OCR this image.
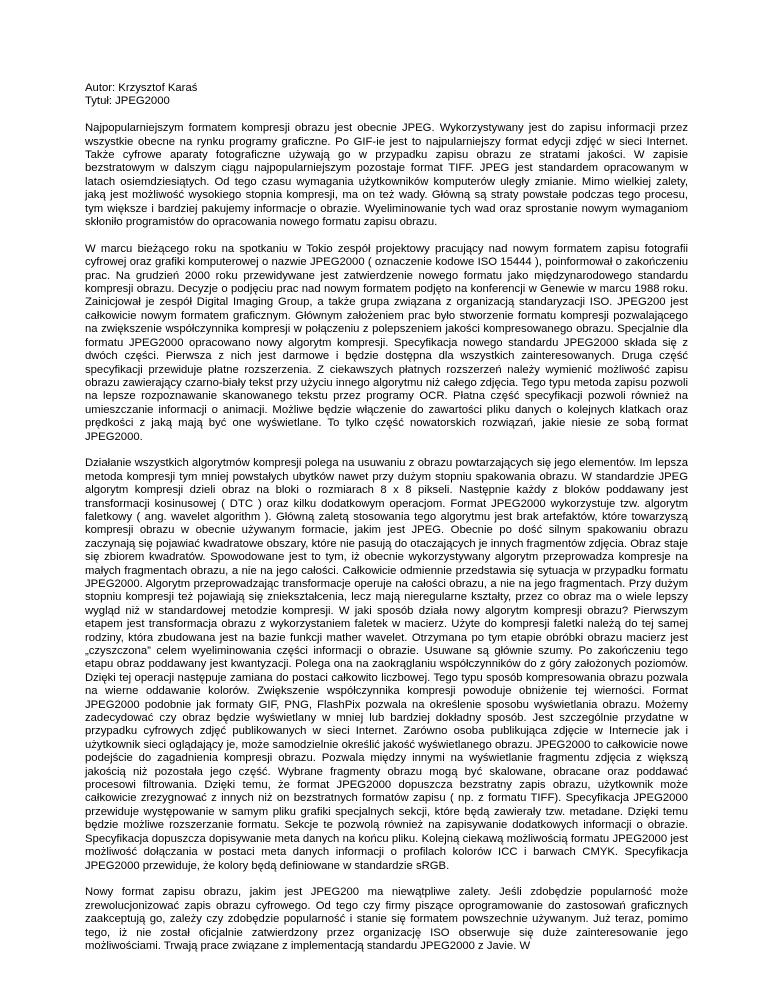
Autor: Krzysztof Karaś

Tytuł: JPEG2000

Najpopularniejszym formatem kompresji obrazu jest obecnie JPEG. Wykorzystywany jest do zapisu informacji przez wszystkie obecne na rynku programy graficzne. Po GIF-ie jest to najpularniejszy format edycji zdjęć w sieci Internet. Także cyfrowe aparaty fotograficzne używają go w przypadku zapisu obrazu ze stratami jakości. W zapisie bezstratowym w dalszym ciągu najpopularniejszym pozostaje format TIFF. JPEG jest standardem opracowanym w latach osiemdziesiątych. Od tego czasu wymagania użytkowników komputerów uległy zmianie. Mimo wielkiej zalety, jaką jest możliwość wysokiego stopnia kompresji, ma on też wady. Główną są straty powstałe podczas tego procesu, tym większe i bardziej pakujemy informacje o obrazie. Wyeliminowanie tych wad oraz sprostanie nowym wymaganiom skłoniło programistów do opracowania nowego formatu zapisu obrazu.

W marcu bieżącego roku na spotkaniu w Tokio zespół projektowy pracujący nad nowym formatem zapisu fotografii cyfrowej oraz grafiki komputerowej o nazwie JPEG2000 ( oznaczenie kodowe ISO 15444 ), poinformował o zakończeniu prac. Na grudzień 2000 roku przewidywane jest zatwierdzenie nowego formatu jako międzynarodowego standardu kompresji obrazu. Decyzje o podjęciu prac nad nowym formatem podjęto na konferencji w Genewie w marcu 1988 roku. Zainicjował je zespół Digital Imaging Group, a także grupa związana z organizacją standaryzacji ISO. JPEG200 jest całkowicie nowym formatem graficznym. Głównym założeniem prac było stworzenie formatu kompresji pozwalającego na zwiększenie współczynnika kompresji w połączeniu z polepszeniem jakości kompresowanego obrazu. Specjalnie dla formatu JPEG2000 opracowano nowy algorytm kompresji. Specyfikacja nowego standardu JPEG2000 składa się z dwóch części. Pierwsza z nich jest darmowe i będzie dostępna dla wszystkich zainteresowanych. Druga część specyfikacji przewiduje płatne rozszerzenia. Z ciekawszych płatnych rozszerzeń należy wymienić możliwość zapisu obrazu zawierający czarno-biały tekst przy użyciu innego algorytmu niż całego zdjęcia. Tego typu metoda zapisu pozwoli na lepsze rozpoznawanie skanowanego tekstu przez programy OCR. Płatna część specyfikacji pozwoli również na umieszczanie informacji o animacji. Możliwe będzie włączenie do zawartości pliku danych o kolejnych klatkach oraz prędkości z jaką mają być one wyświetlane. To tylko część nowatorskich rozwiązań, jakie niesie ze sobą format JPEG2000.

Działanie wszystkich algorytmów kompresji polega na usuwaniu z obrazu powtarzających się jego elementów. Im lepsza metoda kompresji tym mniej powstałych ubytków nawet przy dużym stopniu spakowania obrazu. W standardzie JPEG algorytm kompresji dzieli obraz na bloki o rozmiarach 8 x 8 pikseli. Następnie każdy z bloków poddawany jest transformacji kosinusowej ( DTC ) oraz kilku dodatkowym operacjom. Format JPEG2000 wykorzystuje tzw. algorytm faletkowy ( ang. wavelet algorithm ). Główną zaletą stosowania tego algorytmu jest brak artefaktów, które towarzyszą kompresji obrazu w obecnie używanym formacie, jakim jest JPEG. Obecnie po dość silnym spakowaniu obrazu zaczynają się pojawiać kwadratowe obszary, które nie pasują do otaczających je innych fragmentów zdjęcia. Obraz staje się zbiorem kwadratów. Spowodowane jest to tym, iż obecnie wykorzystywany algorytm przeprowadza kompresje na małych fragmentach obrazu, a nie na jego całości. Całkowicie odmiennie przedstawia się sytuacja w przypadku formatu JPEG2000. Algorytm przeprowadzając transformacje operuje na całości obrazu, a nie na jego fragmentach. Przy dużym stopniu kompresji też pojawiają się zniekształcenia, lecz mają nieregularne kształty, przez co obraz ma o wiele lepszy wygląd niż w standardowej metodzie kompresji. W jaki sposób działa nowy algorytm kompresji obrazu? Pierwszym etapem jest transformacja obrazu z wykorzystaniem faletek w macierz. Użyte do kompresji faletki należą do tej samej rodziny, która zbudowana jest na bazie funkcji mather wavelet. Otrzymana po tym etapie obróbki obrazu macierz jest „czyszczona” celem wyeliminowania części informacji o obrazie. Usuwane są głównie szumy. Po zakończeniu tego etapu obraz poddawany jest kwantyzacji. Polega ona na zaokrąglaniu współczynników do z góry założonych poziomów. Dzięki tej operacji następuje zamiana do postaci całkowito liczbowej. Tego typu sposób kompresowania obrazu pozwala na wierne oddawanie kolorów. Zwiększenie współczynnika kompresji powoduje obniżenie tej wierności. Format JPEG2000 podobnie jak formaty GIF, PNG, FlashPix pozwala na określenie sposobu wyświetlania obrazu. Możemy zadecydować czy obraz będzie wyświetlany w mniej lub bardziej dokładny sposób. Jest szczególnie przydatne w przypadku cyfrowych zdjęć publikowanych w sieci Internet. Zarówno osoba publikująca zdjęcie w Internecie jak i użytkownik sieci oglądający je, może samodzielnie określić jakość wyświetlanego obrazu. JPEG2000 to całkowicie nowe podejście do zagadnienia kompresji obrazu. Pozwala między innymi na wyświetlanie fragmentu zdjęcia z większą jakością niż pozostała jego część. Wybrane fragmenty obrazu mogą być skalowane, obracane oraz poddawać procesowi filtrowania. Dzięki temu, że format JPEG2000 dopuszcza bezstratny zapis obrazu, użytkownik może całkowicie zrezygnować z innych niż on bezstratnych formatów zapisu ( np. z formatu TIFF). Specyfikacja JPEG2000 przewiduje występowanie w samym pliku grafiki specjalnych sekcji, które będą zawierały tzw. metadane. Dzięki temu będzie możliwe rozszerzanie formatu. Sekcje te pozwolą również na zapisywanie dodatkowych informacji o obrazie. Specyfikacja dopuszcza dopisywanie meta danych na końcu pliku. Kolejną ciekawą możliwością formatu JPEG2000 jest możliwość dołączania w postaci meta danych informacji o profilach kolorów ICC i barwach CMYK. Specyfikacja JPEG2000 przewiduje, że kolory będą definiowane w standardzie sRGB.

Nowy format zapisu obrazu, jakim jest JPEG200 ma niewątpliwe zalety. Jeśli zdobędzie popularność może zrewolucjonizować zapis obrazu cyfrowego. Od tego czy firmy piszące oprogramowanie do zastosowań graficznych zaakceptują go, zależy czy zdobędzie popularność i stanie się formatem powszechnie używanym. Już teraz, pomimo tego, iż nie został oficjalnie zatwierdzony przez organizację ISO obserwuje się duże zainteresowanie jego możliwościami. Trwają prace związane z implementacją standardu JPEG2000 z Javie. W
